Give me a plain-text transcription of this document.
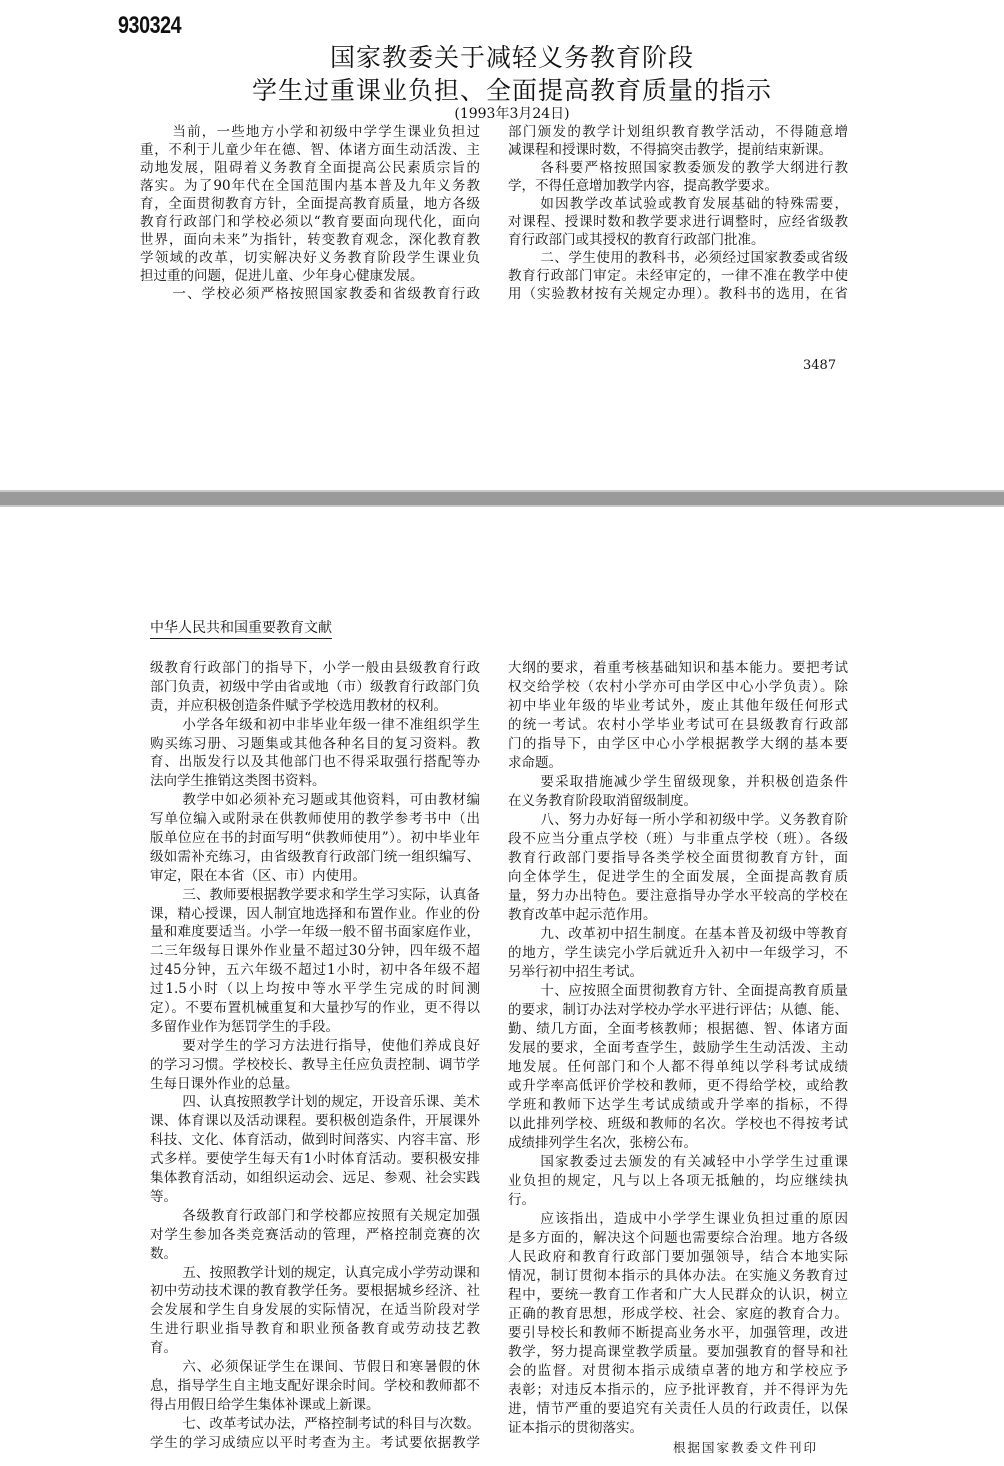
930324
国家教委关于减轻义务教育阶段
学生过重课业负担、全面提高教育质量的指示
(1993年3月24日)
当前，一些地方小学和初级中学学生课业负担过
重，不利于儿童少年在德、智、体诸方面生动活泼、主
动地发展，阻碍着义务教育全面提高公民素质宗旨的
落实。为了90年代在全国范围内基本普及九年义务教
育，全面贯彻教育方针，全面提高教育质量，地方各级
教育行政部门和学校必须以“教育要面向现代化，面向
世界，面向未来”为指针，转变教育观念，深化教育教
学领域的改革，切实解决好义务教育阶段学生课业负
担过重的问题，促进儿童、少年身心健康发展。
一、学校必须严格按照国家教委和省级教育行政
部门颁发的教学计划组织教育教学活动，不得随意增
减课程和授课时数，不得搞突击教学，提前结束新课。
各科要严格按照国家教委颁发的教学大纲进行教
学，不得任意增加教学内容，提高教学要求。
如因教学改革试验或教育发展基础的特殊需要，
对课程、授课时数和教学要求进行调整时，应经省级教
育行政部门或其授权的教育行政部门批准。
二、学生使用的教科书，必须经过国家教委或省级
教育行政部门审定。未经审定的，一律不准在教学中使
用（实验教材按有关规定办理）。教科书的选用，在省
3487
中华人民共和国重要教育文献
级教育行政部门的指导下，小学一般由县级教育行政
部门负责，初级中学由省或地（市）级教育行政部门负
责，并应积极创造条件赋予学校选用教材的权利。
小学各年级和初中非毕业年级一律不准组织学生
购买练习册、习题集或其他各种名目的复习资料。教
育、出版发行以及其他部门也不得采取强行搭配等办
法向学生推销这类图书资料。
教学中如必须补充习题或其他资料，可由教材编
写单位编入或附录在供教师使用的教学参考书中（出
版单位应在书的封面写明“供教师使用”）。初中毕业年
级如需补充练习，由省级教育行政部门统一组织编写、
审定，限在本省（区、市）内使用。
三、教师要根据教学要求和学生学习实际，认真备
课，精心授课，因人制宜地选择和布置作业。作业的份
量和难度要适当。小学一年级一般不留书面家庭作业，
二三年级每日课外作业量不超过30分钟，四年级不超
过45分钟，五六年级不超过1小时，初中各年级不超
过1.5小时（以上均按中等水平学生完成的时间测
定）。不要布置机械重复和大量抄写的作业，更不得以
多留作业作为惩罚学生的手段。
要对学生的学习方法进行指导，使他们养成良好
的学习习惯。学校校长、教导主任应负责控制、调节学
生每日课外作业的总量。
四、认真按照教学计划的规定，开设音乐课、美术
课、体育课以及活动课程。要积极创造条件，开展课外
科技、文化、体育活动，做到时间落实、内容丰富、形
式多样。要使学生每天有1小时体育活动。要积极安排
集体教育活动，如组织运动会、远足、参观、社会实践
等。
各级教育行政部门和学校都应按照有关规定加强
对学生参加各类竞赛活动的管理，严格控制竞赛的次
数。
五、按照教学计划的规定，认真完成小学劳动课和
初中劳动技术课的教育教学任务。要根据城乡经济、社
会发展和学生自身发展的实际情况，在适当阶段对学
生进行职业指导教育和职业预备教育或劳动技艺教
育。
六、必须保证学生在课间、节假日和寒暑假的休
息，指导学生自主地支配好课余时间。学校和教师都不
得占用假日给学生集体补课或上新课。
七、改革考试办法，严格控制考试的科目与次数。
学生的学习成绩应以平时考查为主。考试要依据教学
大纲的要求，着重考核基础知识和基本能力。要把考试
权交给学校（农村小学亦可由学区中心小学负责）。除
初中毕业年级的毕业考试外，废止其他年级任何形式
的统一考试。农村小学毕业考试可在县级教育行政部
门的指导下，由学区中心小学根据教学大纲的基本要
求命题。
要采取措施减少学生留级现象，并积极创造条件
在义务教育阶段取消留级制度。
八、努力办好每一所小学和初级中学。义务教育阶
段不应当分重点学校（班）与非重点学校（班）。各级
教育行政部门要指导各类学校全面贯彻教育方针，面
向全体学生，促进学生的全面发展，全面提高教育质
量，努力办出特色。要注意指导办学水平较高的学校在
教育改革中起示范作用。
九、改革初中招生制度。在基本普及初级中等教育
的地方，学生读完小学后就近升入初中一年级学习，不
另举行初中招生考试。
十、应按照全面贯彻教育方针、全面提高教育质量
的要求，制订办法对学校办学水平进行评估；从德、能、
勤、绩几方面，全面考核教师；根据德、智、体诸方面
发展的要求，全面考查学生，鼓励学生生动活泼、主动
地发展。任何部门和个人都不得单纯以学科考试成绩
或升学率高低评价学校和教师，更不得给学校，或给教
学班和教师下达学生考试成绩或升学率的指标，不得
以此排列学校、班级和教师的名次。学校也不得按考试
成绩排列学生名次，张榜公布。
国家教委过去颁发的有关减轻中小学学生过重课
业负担的规定，凡与以上各项无抵触的，均应继续执
行。
应该指出，造成中小学学生课业负担过重的原因
是多方面的，解决这个问题也需要综合治理。地方各级
人民政府和教育行政部门要加强领导，结合本地实际
情况，制订贯彻本指示的具体办法。在实施义务教育过
程中，要统一教育工作者和广大人民群众的认识，树立
正确的教育思想，形成学校、社会、家庭的教育合力。
要引导校长和教师不断提高业务水平，加强管理，改进
教学，努力提高课堂教学质量。要加强教育的督导和社
会的监督。对贯彻本指示成绩卓著的地方和学校应予
表彰；对违反本指示的，应予批评教育，并不得评为先
进，情节严重的要追究有关责任人员的行政责任，以保
证本指示的贯彻落实。
根据国家教委文件刊印
